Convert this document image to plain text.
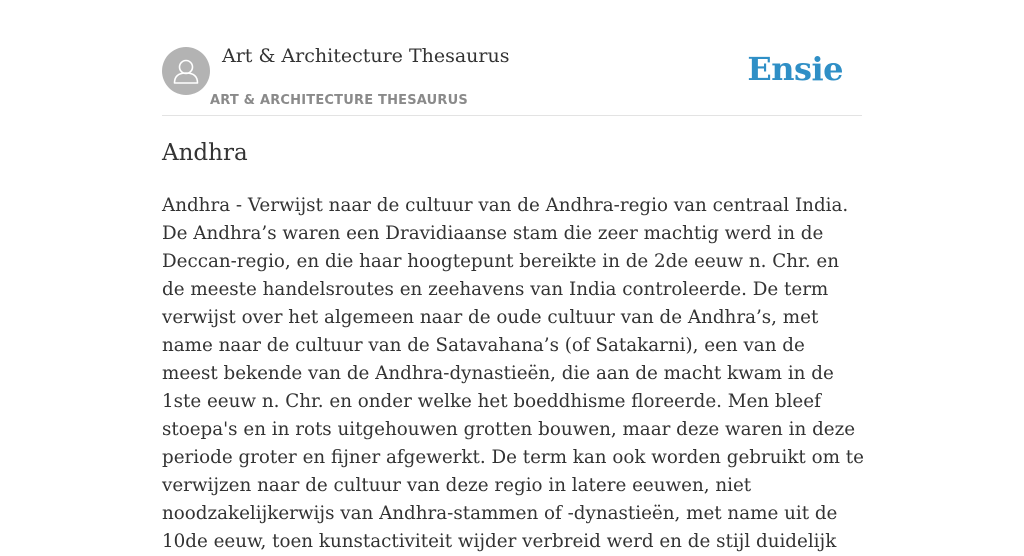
Art & Architecture Thesaurus
ART & ARCHITECTURE THESAURUS
Ensie
Andhra

Andhra - Verwijst naar de cultuur van de Andhra-regio van centraal India. De Andhra’s waren een Dravidiaanse stam die zeer machtig werd in de Deccan-regio, en die haar hoogtepunt bereikte in de 2de eeuw n. Chr. en de meeste handelsroutes en zeehavens van India controleerde. De term verwijst over het algemeen naar de oude cultuur van de Andhra’s, met name naar de cultuur van de Satavahana’s (of Satakarni), een van de meest bekende van de Andhra-dynastieën, die aan de macht kwam in de 1ste eeuw n. Chr. en onder welke het boeddhisme floreerde. Men bleef stoepa's en in rots uitgehouwen grotten bouwen, maar deze waren in deze periode groter en fijner afgewerkt. De term kan ook worden gebruikt om te verwijzen naar de cultuur van deze regio in latere eeuwen, niet noodzakelijkerwijs van Andhra-stammen of -dynastieën, met name uit de 10de eeuw, toen kunstactiviteit wijder verbreid werd en de stijl duidelijk
